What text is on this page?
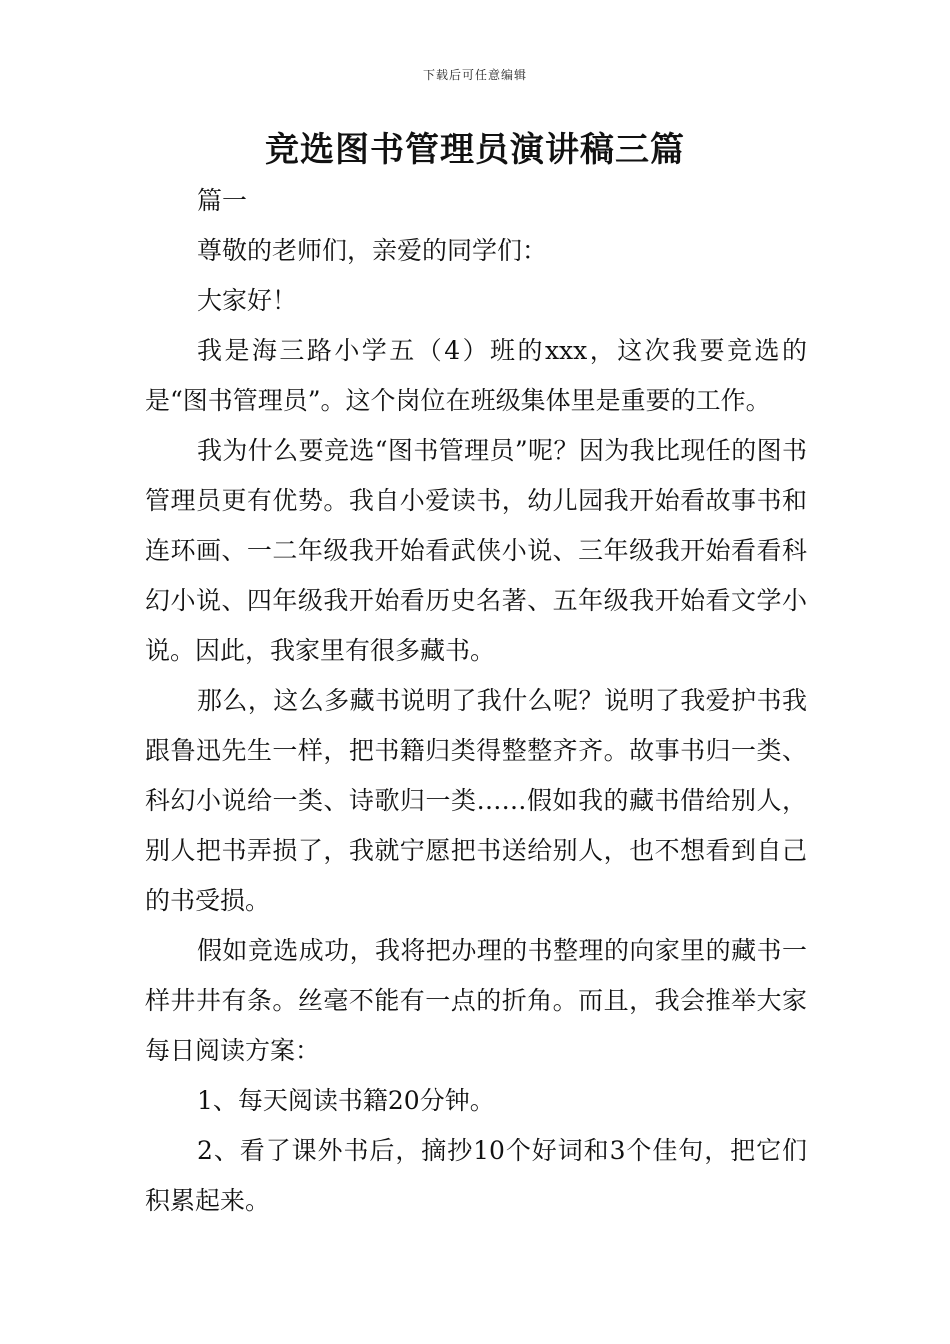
下载后可任意编辑
竞选图书管理员演讲稿三篇

篇一

尊敬的老师们，亲爱的同学们：

大家好！

我是海三路小学五（4）班的xxx，这次我要竞选的是“图书管理员”。这个岗位在班级集体里是重要的工作。

我为什么要竞选“图书管理员”呢？因为我比现任的图书管理员更有优势。我自小爱读书，幼儿园我开始看故事书和连环画、一二年级我开始看武侠小说、三年级我开始看看科幻小说、四年级我开始看历史名著、五年级我开始看文学小说。因此，我家里有很多藏书。

那么，这么多藏书说明了我什么呢？说明了我爱护书我跟鲁迅先生一样，把书籍归类得整整齐齐。故事书归一类、科幻小说给一类、诗歌归一类……假如我的藏书借给别人，别人把书弄损了，我就宁愿把书送给别人，也不想看到自己的书受损。

假如竞选成功，我将把办理的书整理的向家里的藏书一样井井有条。丝毫不能有一点的折角。而且，我会推举大家每日阅读方案：

1、每天阅读书籍20分钟。

2、看了课外书后，摘抄10个好词和3个佳句，把它们积累起来。
